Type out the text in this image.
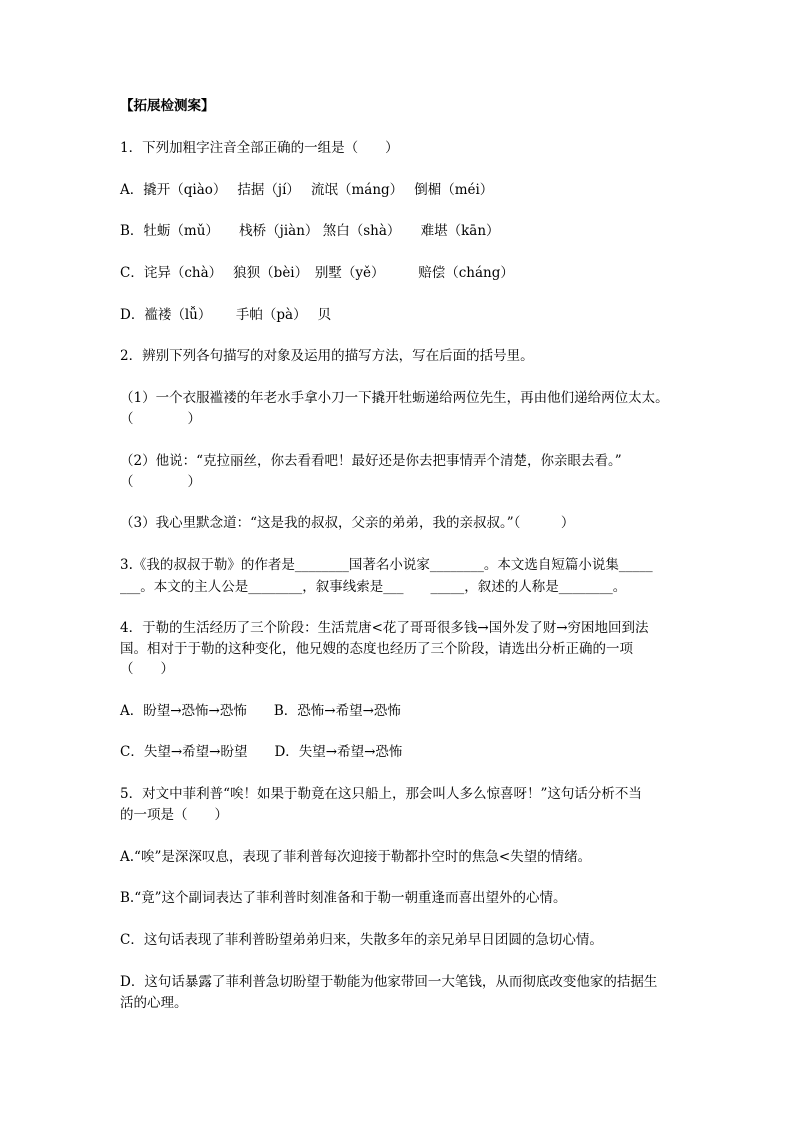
【拓展检测案】
1．下列加粗字注音全部正确的一组是（　　）
A．撬开（qiào）　 拮据（jí）　 流氓（máng）　 倒楣（méi）
B．牡蛎（mǔ）　　栈桥（jiàn） 煞白（shà）　　难堪（kān）
C．诧异（chà）　 狼狈（bèi）　别墅（yě）　　　赔偿（cháng）
D．褴褛（lǚ）　　 手帕（pà）　 贝
2．辨别下列各句描写的对象及运用的描写方法，写在后面的括号里。
（1）一个衣服褴褛的年老水手拿小刀一下撬开牡蛎递给两位先生，再由他们递给两位太太。
（　　　　）
（2）他说：“克拉丽丝，你去看看吧！最好还是你去把事情弄个清楚，你亲眼去看。”
（　　　　）
（3）我心里默念道：“这是我的叔叔，父亲的弟弟，我的亲叔叔。”（　　　）
3.《我的叔叔于勒》的作者是________国著名小说家________。本文选自短篇小说集_____
___。本文的主人公是________，叙事线索是___　　_____，叙述的人称是________。
4．于勒的生活经历了三个阶段：生活荒唐<花了哥哥很多钱→国外发了财→穷困地回到法
国。相对于于勒的这种变化，他兄嫂的态度也经历了三个阶段，请选出分析正确的一项
（　　）
A．盼望→恐怖→恐怖　　B．恐怖→希望→恐怖
C．失望→希望→盼望　　D．失望→希望→恐怖
5．对文中菲利普“唉！如果于勒竟在这只船上，那会叫人多么惊喜呀！”这句话分析不当
的一项是（　　）
A.“唉”是深深叹息，表现了菲利普每次迎接于勒都扑空时的焦急<失望的情绪。
B.“竟”这个副词表达了菲利普时刻准备和于勒一朝重逢而喜出望外的心情。
C．这句话表现了菲利普盼望弟弟归来，失散多年的亲兄弟早日团圆的急切心情。
D．这句话暴露了菲利普急切盼望于勒能为他家带回一大笔钱，从而彻底改变他家的拮据生
活的心理。
